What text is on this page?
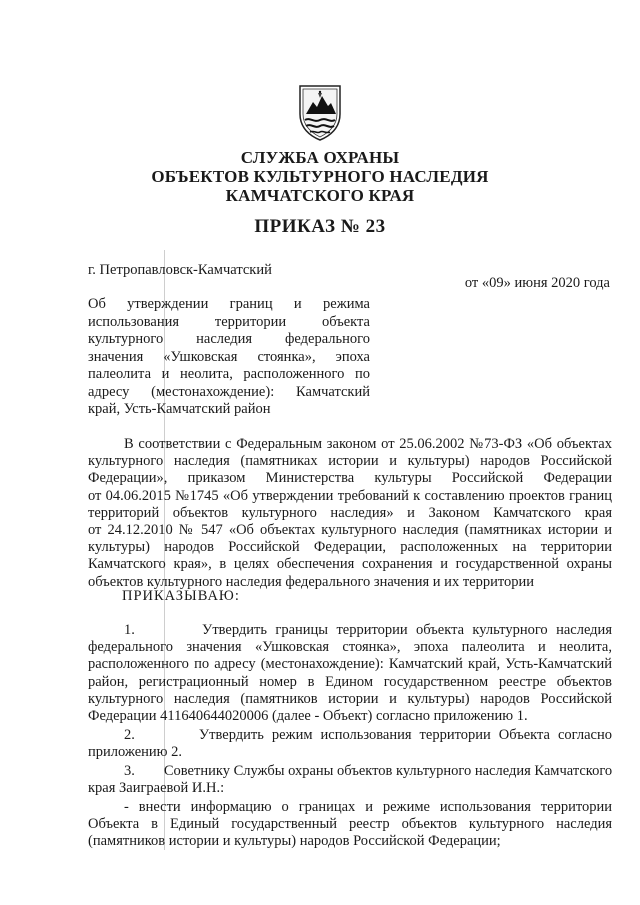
СЛУЖБА ОХРАНЫ
ОБЪЕКТОВ КУЛЬТУРНОГО НАСЛЕДИЯ
КАМЧАТСКОГО КРАЯ
ПРИКАЗ № 23
г. Петропавловск-Камчатский
от «09» июня 2020 года
Об утверждении границ и режима
использования территории объекта
культурного наследия федерального
значения «Ушковская стоянка», эпоха
палеолита и неолита, расположенного по
адресу (местонахождение): Камчатский
край, Усть-Камчатский район
В соответствии с Федеральным законом от 25.06.2002 №73-ФЗ «Об объектах
культурного наследия (памятниках истории и культуры) народов Российской
Федерации», приказом Министерства культуры Российской Федерации
от 04.06.2015 №1745 «Об утверждении требований к составлению проектов границ
территорий объектов культурного наследия» и Законом Камчатского края
от 24.12.2010 № 547 «Об объектах культурного наследия (памятниках истории и
культуры) народов Российской Федерации, расположенных на территории
Камчатского края», в целях обеспечения сохранения и государственной охраны
объектов культурного наследия федерального значения и их территории
ПРИКАЗЫВАЮ:
1.        Утвердить границы территории объекта культурного наследия
федерального значения «Ушковская стоянка», эпоха палеолита и неолита,
расположенного по адресу (местонахождение): Камчатский край, Усть-Камчатский
район, регистрационный номер в Едином государственном реестре объектов
культурного наследия (памятников истории и культуры) народов Российской
Федерации 411640644020006 (далее - Объект) согласно приложению 1.
2.        Утвердить режим использования территории Объекта согласно
приложению 2.
3.        Советнику Службы охраны объектов культурного наследия Камчатского
края Заиграевой И.Н.:
- внести информацию о границах и режиме использования территории
Объекта в Единый государственный реестр объектов культурного наследия
(памятников истории и культуры) народов Российской Федерации;
